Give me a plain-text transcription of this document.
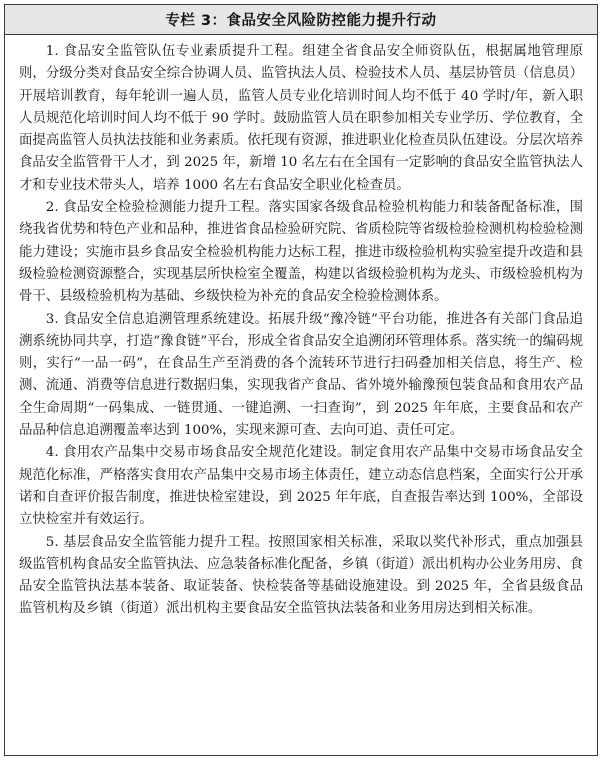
专栏 3：食品安全风险防控能力提升行动

1. 食品安全监管队伍专业素质提升工程。组建全省食品安全师资队伍，根据属地管理原则，分级分类对食品安全综合协调人员、监管执法人员、检验技术人员、基层协管员（信息员）开展培训教育，每年轮训一遍人员，监管人员专业化培训时间人均不低于 40 学时/年，新入职人员规范化培训时间人均不低于 90 学时。鼓励监管人员在职参加相关专业学历、学位教育，全面提高监管人员执法技能和业务素质。依托现有资源，推进职业化检查员队伍建设。分层次培养食品安全监管骨干人才，到 2025 年，新增 10 名左右在全国有一定影响的食品安全监管执法人才和专业技术带头人，培养 1000 名左右食品安全职业化检查员。

2. 食品安全检验检测能力提升工程。落实国家各级食品检验机构能力和装备配备标准，围绕我省优势和特色产业和品种，推进省食品检验研究院、省质检院等省级检验检测机构检验检测能力建设；实施市县乡食品安全检验机构能力达标工程，推进市级检验机构实验室提升改造和县级检验检测资源整合，实现基层所快检室全覆盖，构建以省级检验机构为龙头、市级检验机构为骨干、县级检验机构为基础、乡级快检为补充的食品安全检验检测体系。

3. 食品安全信息追溯管理系统建设。拓展升级“豫冷链”平台功能，推进各有关部门食品追溯系统协同共享，打造“豫食链”平台，形成全省食品安全追溯闭环管理体系。落实统一的编码规则，实行“一品一码”，在食品生产至消费的各个流转环节进行扫码叠加相关信息，将生产、检测、流通、消费等信息进行数据归集，实现我省产食品、省外境外输豫预包装食品和食用农产品全生命周期“一码集成、一链贯通、一键追溯、一扫查询”，到 2025 年年底，主要食品和农产品品种信息追溯覆盖率达到 100%，实现来源可查、去向可追、责任可定。

4. 食用农产品集中交易市场食品安全规范化建设。制定食用农产品集中交易市场食品安全规范化标准，严格落实食用农产品集中交易市场主体责任，建立动态信息档案，全面实行公开承诺和自查评价报告制度，推进快检室建设，到 2025 年年底，自查报告率达到 100%，全部设立快检室并有效运行。

5. 基层食品安全监管能力提升工程。按照国家相关标准，采取以奖代补形式，重点加强县级监管机构食品安全监管执法、应急装备标准化配备，乡镇（街道）派出机构办公业务用房、食品安全监管执法基本装备、取证装备、快检装备等基础设施建设。到 2025 年，全省县级食品监管机构及乡镇（街道）派出机构主要食品安全监管执法装备和业务用房达到相关标准。
